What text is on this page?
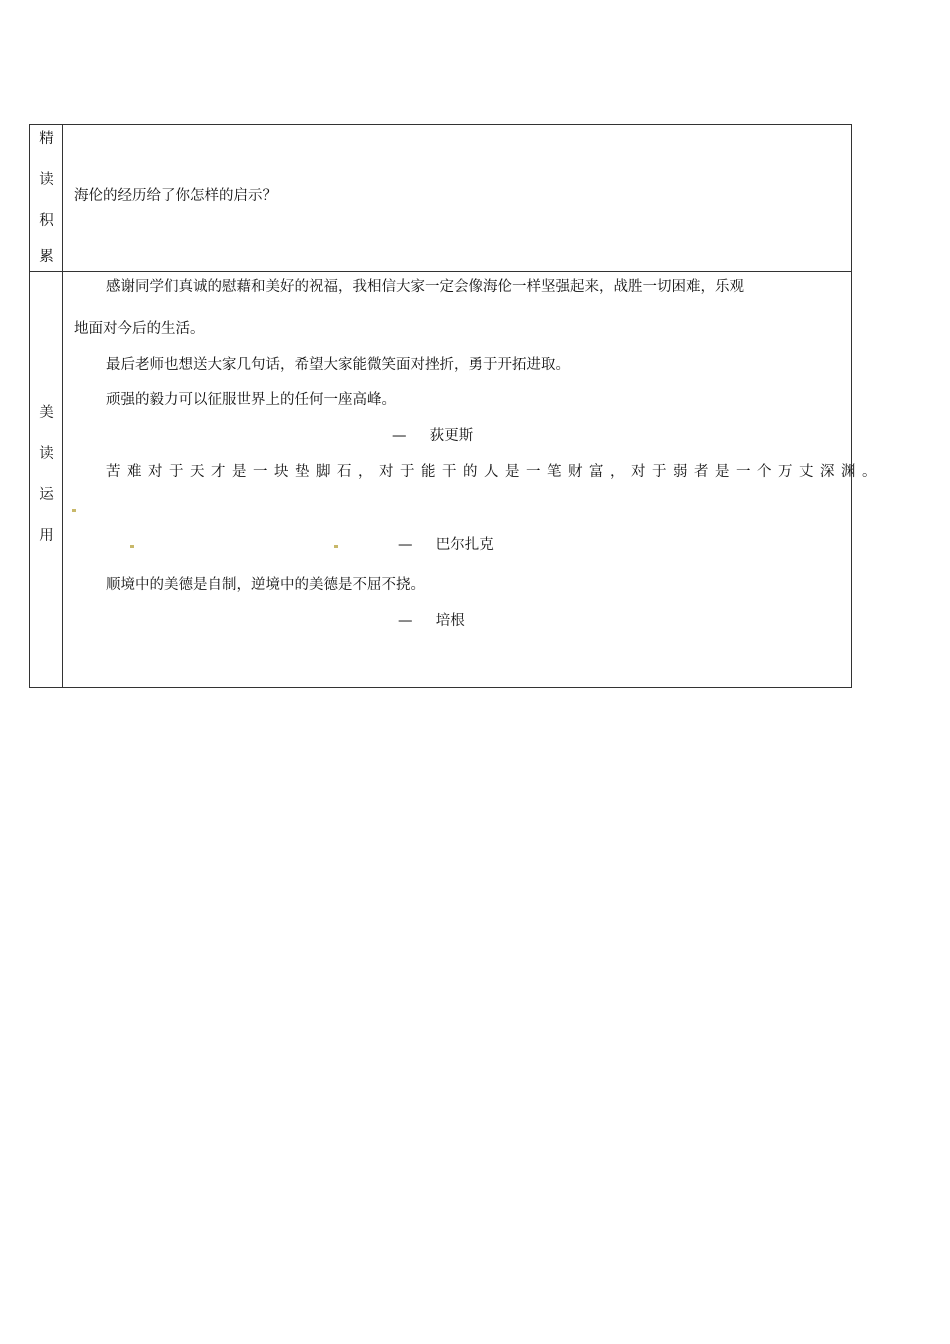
精
读
积
累
海伦的经历给了你怎样的启示？
美
读
运
用
感谢同学们真诚的慰藉和美好的祝福，我相信大家一定会像海伦一样坚强起来，战胜一切困难，乐观
地面对今后的生活。
最后老师也想送大家几句话，希望大家能微笑面对挫折，勇于开拓进取。
顽强的毅力可以征服世界上的任何一座高峰。
— 荻更斯
苦难对于天才是一块垫脚石，对于能干的人是一笔财富，对于弱者是一个万丈深渊。
— 巴尔扎克
顺境中的美德是自制，逆境中的美德是不屈不挠。
— 培根
